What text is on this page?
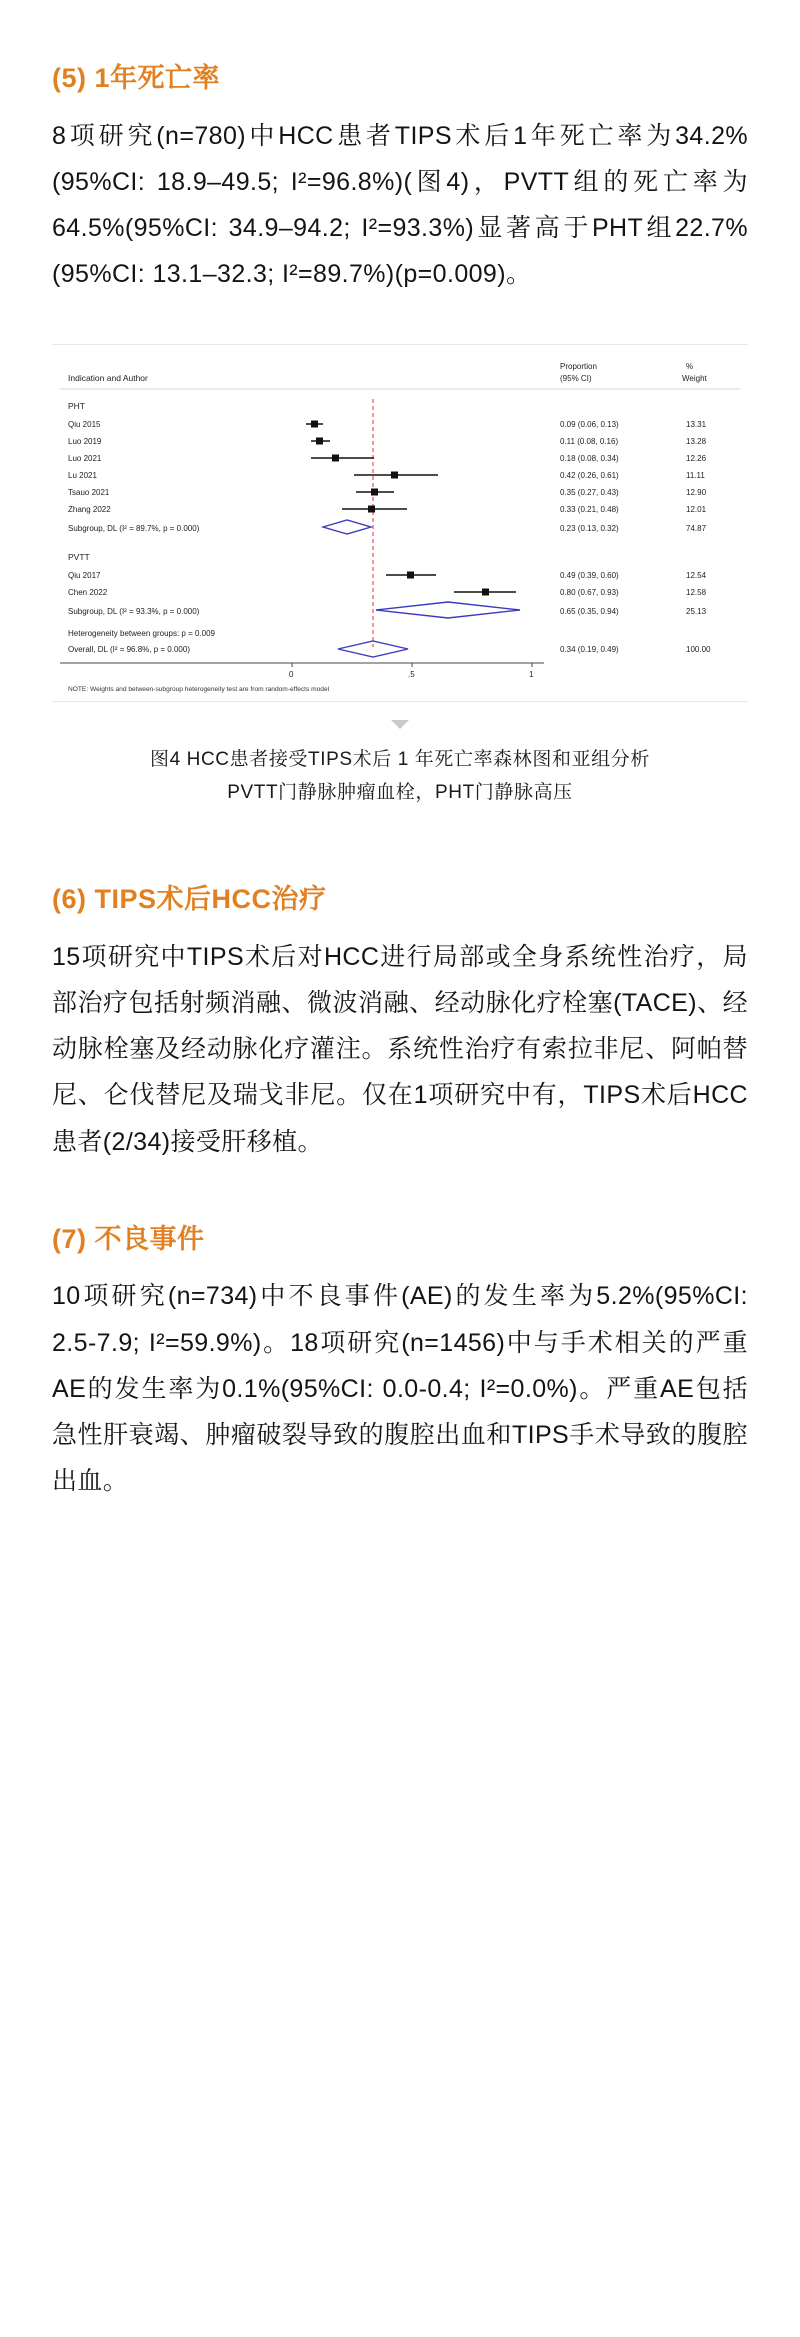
(5) 1年死亡率

8项研究(n=780)中HCC患者TIPS术后1年死亡率为34.2%(95%CI: 18.9–49.5; I²=96.8%)(图4)，PVTT组的死亡率为64.5%(95%CI: 34.9–94.2; I²=93.3%)显著高于PHT组22.7%(95%CI: 13.1–32.3; I²=89.7%)(p=0.009)。

Indication and Author
Proportion
(95% CI)
%
Weight
PHT
Qiu 2015	0.09 (0.06, 0.13)	13.31
Luo 2019	0.11 (0.08, 0.16)	13.28
Luo 2021	0.18 (0.08, 0.34)	12.26
Lu 2021	0.42 (0.26, 0.61)	11.11
Tsauo 2021	0.35 (0.27, 0.43)	12.90
Zhang 2022	0.33 (0.21, 0.48)	12.01
Subgroup, DL (I² = 89.7%, p = 0.000)	0.23 (0.13, 0.32)	74.87
PVTT
Qiu 2017	0.49 (0.39, 0.60)	12.54
Chen 2022	0.80 (0.67, 0.93)	12.58
Subgroup, DL (I² = 93.3%, p = 0.000)	0.65 (0.35, 0.94)	25.13
Heterogeneity between groups: p = 0.009
Overall, DL (I² = 96.8%, p = 0.000)	0.34 (0.19, 0.49)	100.00
0	.5	1
NOTE: Weights and between-subgroup heterogeneity test are from random-effects model
图4 HCC患者接受TIPS术后 1 年死亡率森林图和亚组分析
PVTT门静脉肿瘤血栓，PHT门静脉高压
(6) TIPS术后HCC治疗

15项研究中TIPS术后对HCC进行局部或全身系统性治疗，局部治疗包括射频消融、微波消融、经动脉化疗栓塞(TACE)、经动脉栓塞及经动脉化疗灌注。系统性治疗有索拉非尼、阿帕替尼、仑伐替尼及瑞戈非尼。仅在1项研究中有，TIPS术后HCC患者(2/34)接受肝移植。

(7) 不良事件

10项研究(n=734)中不良事件(AE)的发生率为5.2%(95%CI: 2.5-7.9; I²=59.9%)。18项研究(n=1456)中与手术相关的严重AE的发生率为0.1%(95%CI: 0.0-0.4; I²=0.0%)。严重AE包括急性肝衰竭、肿瘤破裂导致的腹腔出血和TIPS手术导致的腹腔出血。
